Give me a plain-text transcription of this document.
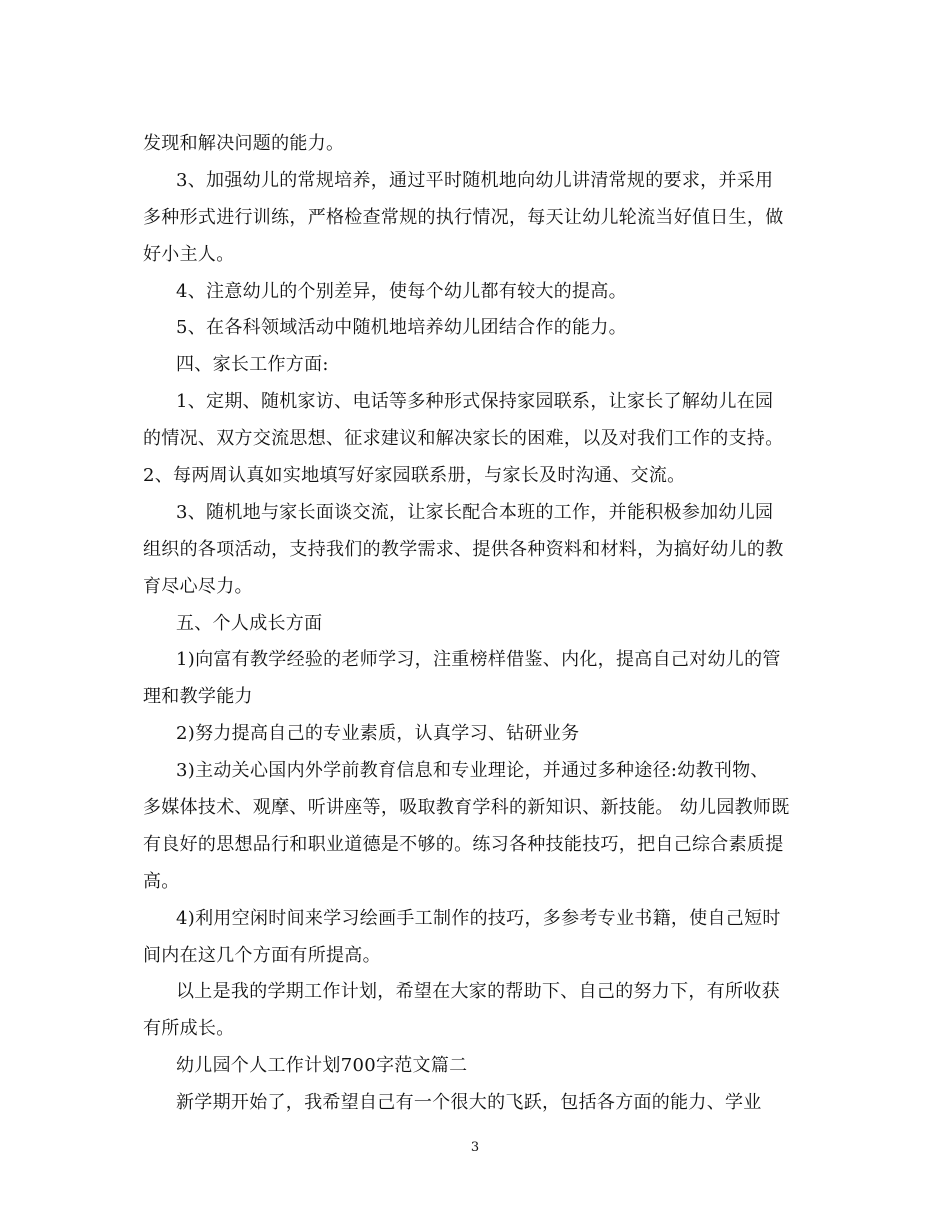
发现和解决问题的能力。
3、加强幼儿的常规培养，通过平时随机地向幼儿讲清常规的要求，并采用
多种形式进行训练，严格检查常规的执行情况，每天让幼儿轮流当好值日生，做
好小主人。
4、注意幼儿的个别差异，使每个幼儿都有较大的提高。
5、在各科领域活动中随机地培养幼儿团结合作的能力。
四、家长工作方面:
1、定期、随机家访、电话等多种形式保持家园联系，让家长了解幼儿在园
的情况、双方交流思想、征求建议和解决家长的困难，以及对我们工作的支持。
2、每两周认真如实地填写好家园联系册，与家长及时沟通、交流。
3、随机地与家长面谈交流，让家长配合本班的工作，并能积极参加幼儿园
组织的各项活动，支持我们的教学需求、提供各种资料和材料，为搞好幼儿的教
育尽心尽力。
五、个人成长方面
1)向富有教学经验的老师学习，注重榜样借鉴、内化，提高自己对幼儿的管
理和教学能力
2)努力提高自己的专业素质，认真学习、钻研业务
3)主动关心国内外学前教育信息和专业理论，并通过多种途径:幼教刊物、
多媒体技术、观摩、听讲座等，吸取教育学科的新知识、新技能。 幼儿园教师既
有良好的思想品行和职业道德是不够的。练习各种技能技巧，把自己综合素质提
高。
4)利用空闲时间来学习绘画手工制作的技巧，多参考专业书籍，使自己短时
间内在这几个方面有所提高。
以上是我的学期工作计划，希望在大家的帮助下、自己的努力下，有所收获
有所成长。
幼儿园个人工作计划700字范文篇二
新学期开始了，我希望自己有一个很大的飞跃，包括各方面的能力、学业
3
